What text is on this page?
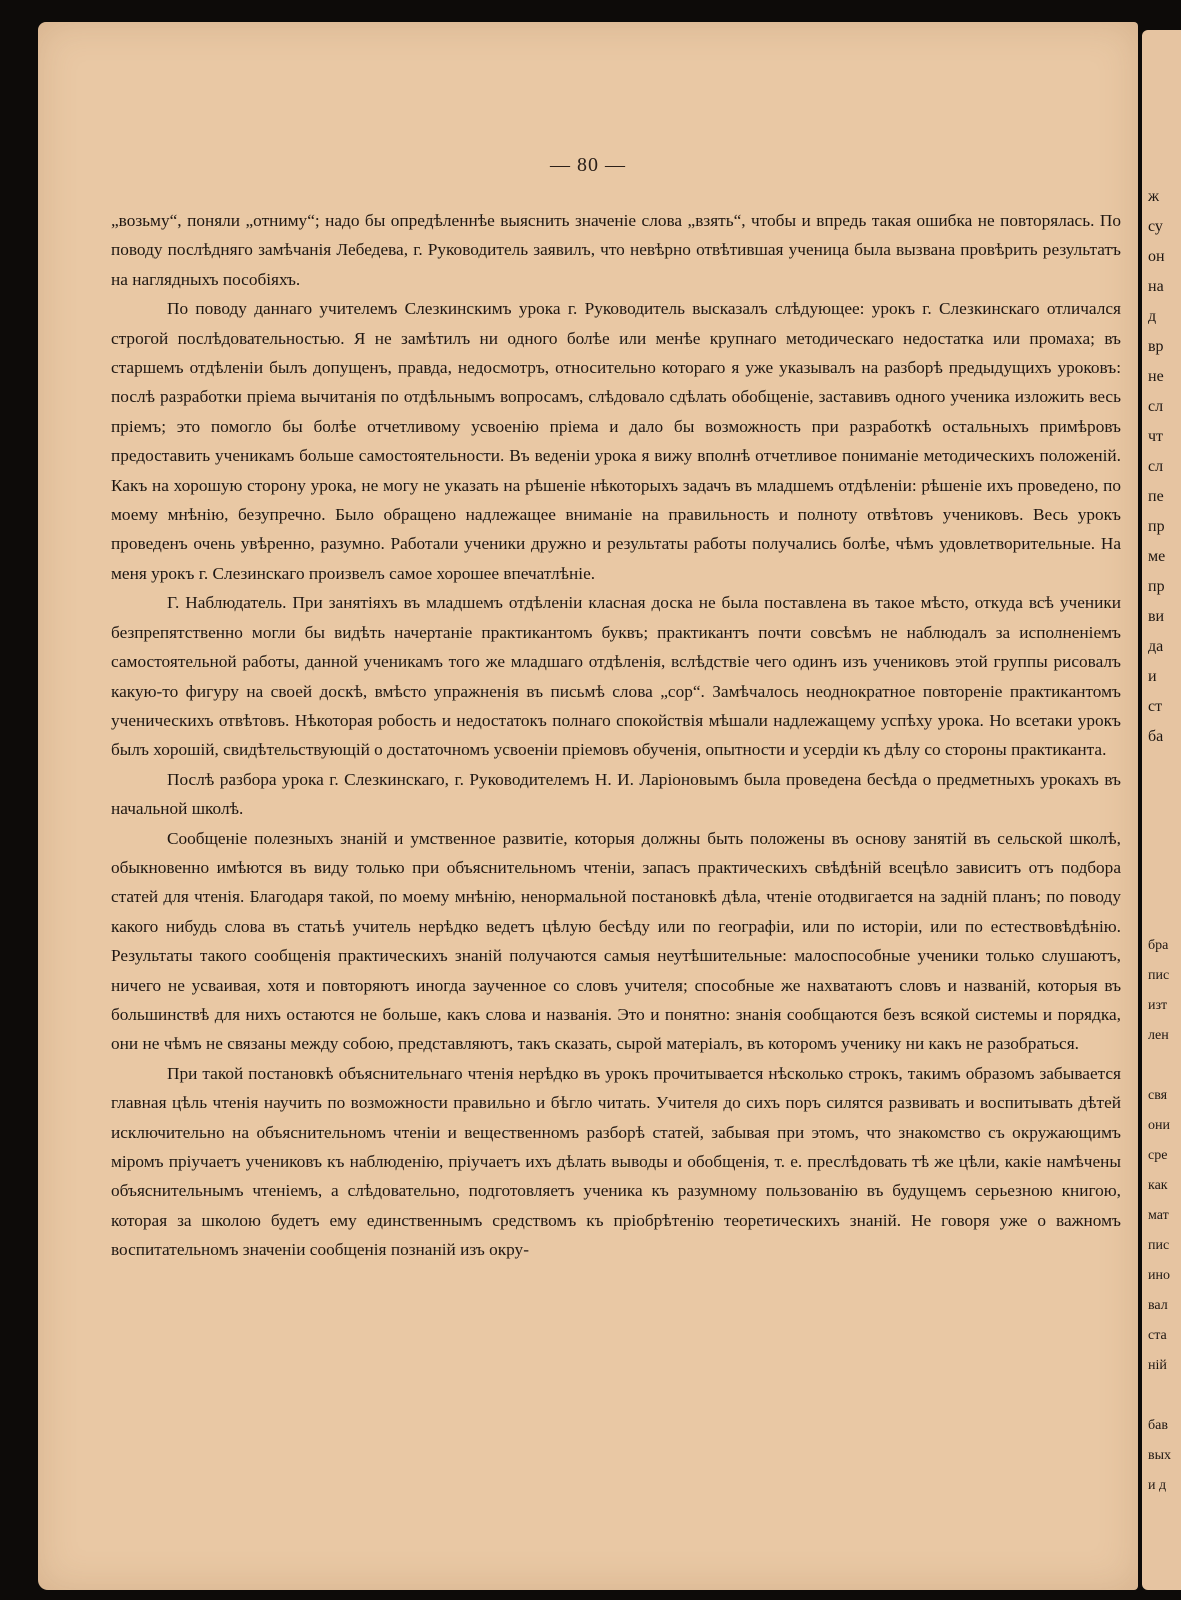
— 80 —

„возьму“, поняли „отниму“; надо бы опредѣленнѣе выяснить значеніе слова „взять“, чтобы и впредь такая ошибка не повторялась. По поводу послѣдняго замѣчанія Лебедева, г. Руководитель заявилъ, что невѣрно отвѣтившая ученица была вызвана провѣрить результатъ на наглядныхъ пособіяхъ.

По поводу даннаго учителемъ Слезкинскимъ урока г. Руководитель высказалъ слѣдующее: урокъ г. Слезкинскаго отличался строгой послѣдовательностью. Я не замѣтилъ ни одного болѣе или менѣе крупнаго методическаго недостатка или промаха; въ старшемъ отдѣленіи былъ допущенъ, правда, недосмотръ, относительно котораго я уже указывалъ на разборѣ предыдущихъ уроковъ: послѣ разработки пріема вычитанія по отдѣльнымъ вопросамъ, слѣдовало сдѣлать обобщеніе, заставивъ одного ученика изложить весь пріемъ; это помогло бы болѣе отчетливому усвоенію пріема и дало бы возможность при разработкѣ остальныхъ примѣровъ предоставить ученикамъ больше самостоятельности. Въ веденіи урока я вижу вполнѣ отчетливое пониманіе методическихъ положеній. Какъ на хорошую сторону урока, не могу не указать на рѣшеніе нѣкоторыхъ задачъ въ младшемъ отдѣленіи: рѣшеніе ихъ проведено, по моему мнѣнію, безупречно. Было обращено надлежащее вниманіе на правильность и полноту отвѣтовъ учениковъ. Весь урокъ проведенъ очень увѣренно, разумно. Работали ученики дружно и результаты работы получались болѣе, чѣмъ удовлетворительные. На меня урокъ г. Слезинскаго произвелъ самое хорошее впечатлѣніе.

Г. Наблюдатель. При занятіяхъ въ младшемъ отдѣленіи класная доска не была поставлена въ такое мѣсто, откуда всѣ ученики безпрепятственно могли бы видѣть начертаніе практикантомъ буквъ; практикантъ почти совсѣмъ не наблюдалъ за исполненіемъ самостоятельной работы, данной ученикамъ того же младшаго отдѣленія, вслѣдствіе чего одинъ изъ учениковъ этой группы рисовалъ какую-то фигуру на своей доскѣ, вмѣсто упражненія въ письмѣ слова „сор“. Замѣчалось неоднократное повтореніе практикантомъ ученическихъ отвѣтовъ. Нѣкоторая робость и недостатокъ полнаго спокойствія мѣшали надлежащему успѣху урока. Но всетаки урокъ былъ хорошій, свидѣтельствующій о достаточномъ усвоеніи пріемовъ обученія, опытности и усердіи къ дѣлу со стороны практиканта.

Послѣ разбора урока г. Слезкинскаго, г. Руководителемъ Н. И. Ларіоновымъ была проведена бесѣда о предметныхъ урокахъ въ начальной школѣ.

Сообщеніе полезныхъ знаній и умственное развитіе, которыя должны быть положены въ основу занятій въ сельской школѣ, обыкновенно имѣются въ виду только при объяснительномъ чтеніи, запасъ практическихъ свѣдѣній всецѣло зависитъ отъ подбора статей для чтенія. Благодаря такой, по моему мнѣнію, ненормальной постановкѣ дѣла, чтеніе отодвигается на задній планъ; по поводу какого нибудь слова въ статьѣ учитель нерѣдко ведетъ цѣлую бесѣду или по географіи, или по исторіи, или по естествовѣдѣнію. Результаты такого сообщенія практическихъ знаній получаются самыя неутѣшительные: малоспособные ученики только слушаютъ, ничего не усваивая, хотя и повторяютъ иногда заученное со словъ учителя; способные же нахватаютъ словъ и названій, которыя въ большинствѣ для нихъ остаются не больше, какъ слова и названія. Это и понятно: знанія сообщаются безъ всякой системы и порядка, они не чѣмъ не связаны между собою, представляютъ, такъ сказать, сырой матеріалъ, въ которомъ ученику ни какъ не разобраться.

При такой постановкѣ объяснительнаго чтенія нерѣдко въ урокъ прочитывается нѣсколько строкъ, такимъ образомъ забывается главная цѣль чтенія научить по возможности правильно и бѣгло читать. Учителя до сихъ поръ силятся развивать и воспитывать дѣтей исключительно на объяснительномъ чтеніи и вещественномъ разборѣ статей, забывая при этомъ, что знакомство съ окружающимъ міромъ пріучаетъ учениковъ къ наблюденію, пріучаетъ ихъ дѣлать выводы и обобщенія, т. е. преслѣдовать тѣ же цѣли, какіе намѣчены объяснительнымъ чтеніемъ, а слѣдовательно, подготовляетъ ученика къ разумному пользованію въ будущемъ серьезною книгою, которая за школою будетъ ему единственнымъ средствомъ къ пріобрѣтенію теоретическихъ знаній. Не говоря уже о важномъ воспитательномъ значеніи сообщенія познаній изъ окру-

ж
су
он
на
д
вр
не
сл
чт
сл
пе
пр
ме
пр
ви
да
и
ст
ба
бра
пис
изт
лен
свя
они
сре
как
мат
пис
ино
вал
ста
ній
бав
вых
и д
